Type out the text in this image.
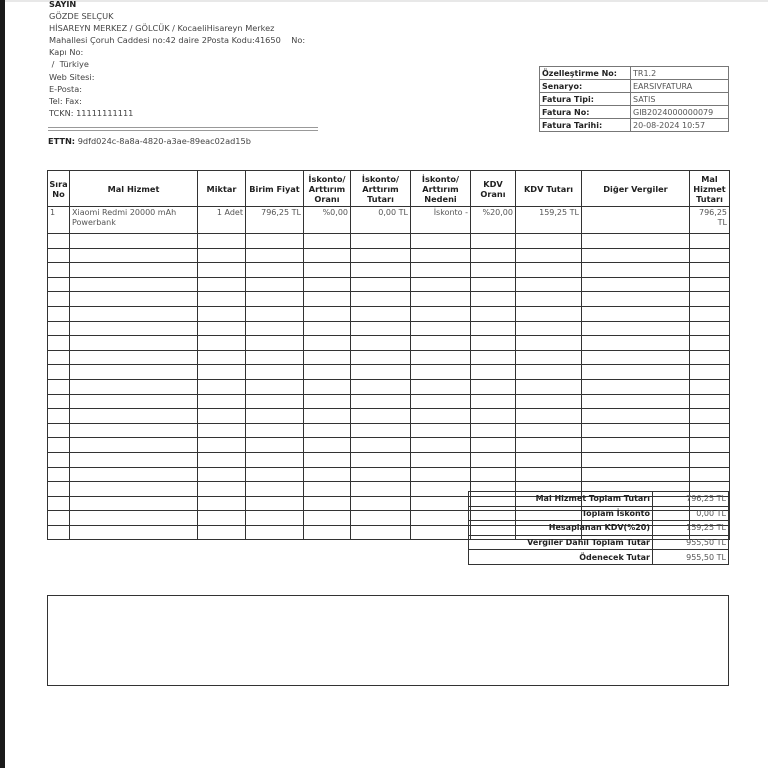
SAYIN
GÖZDE SELÇUK
HİSAREYN MERKEZ / GÖLCÜK / KocaeliHisareyn Merkez
Mahallesi Çoruh Caddesi no:42 daire 2Posta Kodu:41650    No:
Kapı No:
/  Türkiye
Web Sitesi:
E-Posta:
Tel: Fax:
TCKN: 11111111111
ETTN: 9dfd024c-8a8a-4820-a3ae-89eac02ad15b
Özelleştirme No:	TR1.2
Senaryo:	EARSIVFATURA
Fatura Tipi:	SATIS
Fatura No:	GIB2024000000079
Fatura Tarihi:	20-08-2024 10:57
Sıra No	Mal Hizmet	Miktar	Birim Fiyat	İskonto/ Arttırım Oranı	İskonto/ Arttırım Tutarı	İskonto/ Arttırım Nedeni	KDV Oranı	KDV Tutarı	Diğer Vergiler	Mal Hizmet Tutarı
1	Xiaomi Redmi 20000 mAh Powerbank	1 Adet	796,25 TL	%0,00	0,00 TL	İskonto -	%20,00	159,25 TL		796,25 TL

Mal Hizmet Toplam Tutarı	796,25 TL
Toplam İskonto	0,00 TL
Hesaplanan KDV(%20)	159,25 TL
Vergiler Dahil Toplam Tutar	955,50 TL
Ödenecek Tutar	955,50 TL
